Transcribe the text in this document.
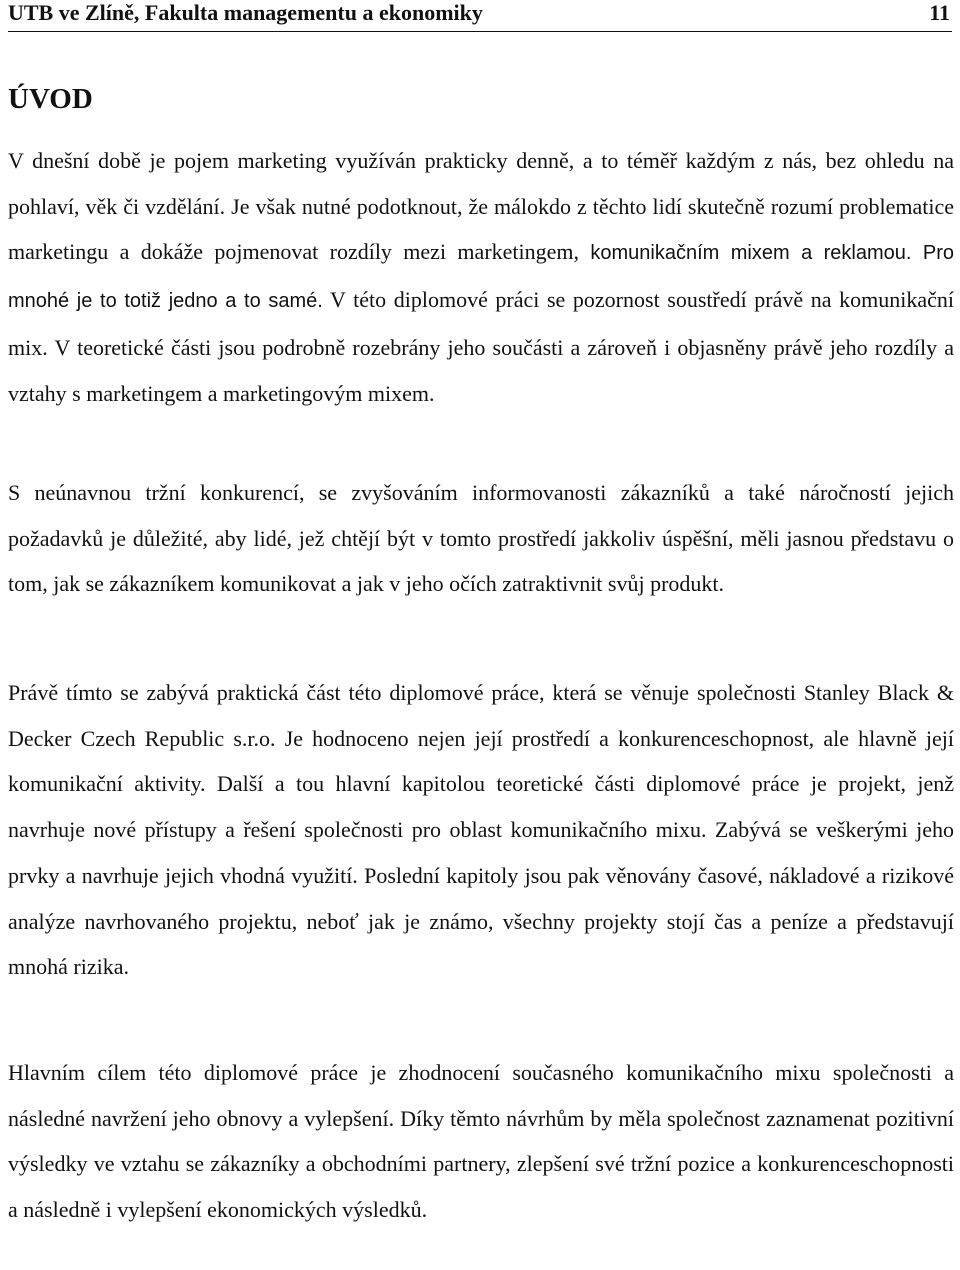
UTB ve Zlíně, Fakulta managementu a ekonomiky	11
ÚVOD

V dnešní době je pojem marketing využíván prakticky denně, a to téměř každým z nás, bez ohledu na pohlaví, věk či vzdělání. Je však nutné podotknout, že málokdo z těchto lidí skutečně rozumí problematice marketingu a dokáže pojmenovat rozdíly mezi marketingem, komunikačním mixem a reklamou. Pro mnohé je to totiž jedno a to samé. V této diplomové práci se pozornost soustředí právě na komunikační mix. V teoretické části jsou podrobně rozebrány jeho součásti a zároveň i objasněny právě jeho rozdíly a vztahy s marketingem a marketingovým mixem.

S neúnavnou tržní konkurencí, se zvyšováním informovanosti zákazníků a také náročností jejich požadavků je důležité, aby lidé, jež chtějí být v tomto prostředí jakkoliv úspěšní, měli jasnou představu o tom, jak se zákazníkem komunikovat a jak v jeho očích zatraktivnit svůj produkt.

Právě tímto se zabývá praktická část této diplomové práce, která se věnuje společnosti Stanley Black & Decker Czech Republic s.r.o. Je hodnoceno nejen její prostředí a konkurenceschopnost, ale hlavně její komunikační aktivity. Další a tou hlavní kapitolou teoretické části diplomové práce je projekt, jenž navrhuje nové přístupy a řešení společnosti pro oblast komunikačního mixu. Zabývá se veškerými jeho prvky a navrhuje jejich vhodná využití. Poslední kapitoly jsou pak věnovány časové, nákladové a rizikové analýze navrhovaného projektu, neboť jak je známo, všechny projekty stojí čas a peníze a představují mnohá rizika.

Hlavním cílem této diplomové práce je zhodnocení současného komunikačního mixu společnosti a následné navržení jeho obnovy a vylepšení. Díky těmto návrhům by měla společnost zaznamenat pozitivní výsledky ve vztahu se zákazníky a obchodními partnery, zlepšení své tržní pozice a konkurenceschopnosti a následně i vylepšení ekonomických výsledků.
